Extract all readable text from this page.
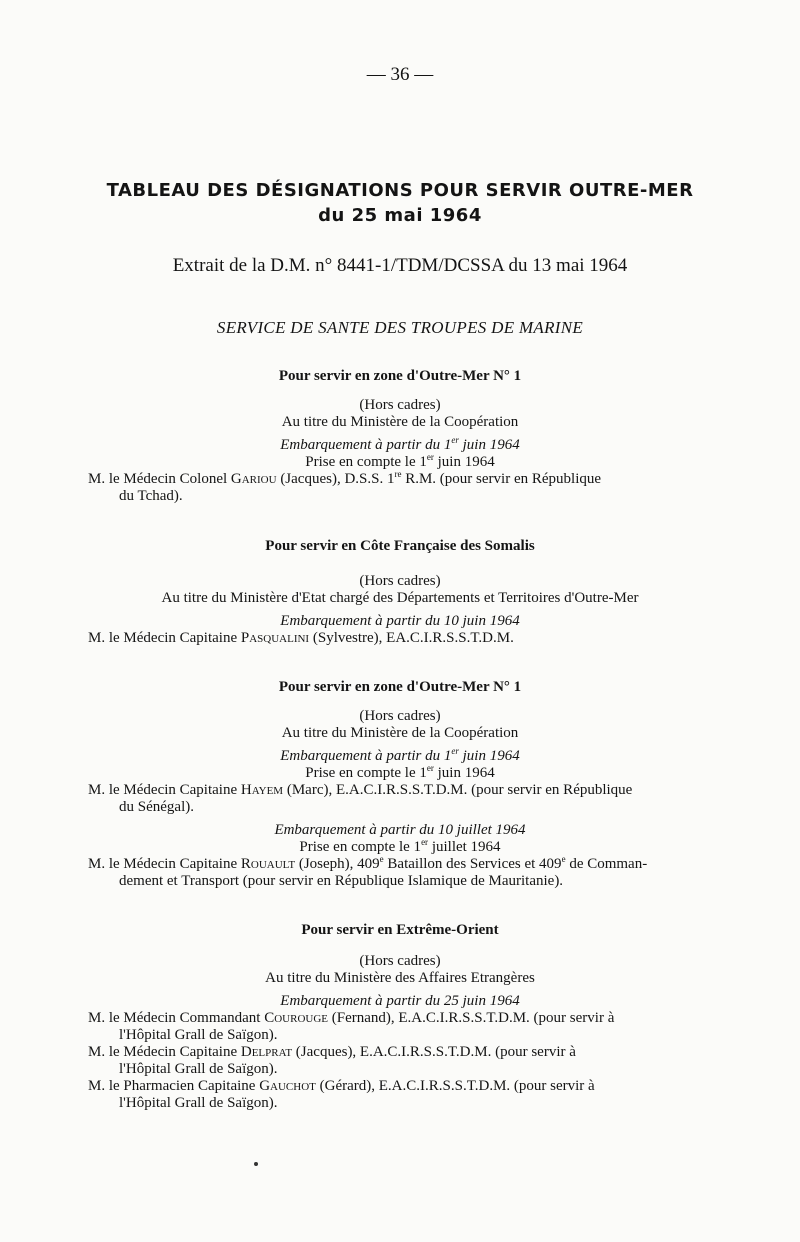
— 36 —
TABLEAU DES DÉSIGNATIONS POUR SERVIR OUTRE-MER
du 25 mai 1964
Extrait de la D.M. n° 8441-1/TDM/DCSSA du 13 mai 1964
SERVICE DE SANTE DES TROUPES DE MARINE
Pour servir en zone d'Outre-Mer N° 1
(Hors cadres)
Au titre du Ministère de la Coopération
Embarquement à partir du 1er juin 1964
Prise en compte le 1er juin 1964
M. le Médecin Colonel Gariou (Jacques), D.S.S. 1re R.M. (pour servir en République
du Tchad).
Pour servir en Côte Française des Somalis
(Hors cadres)
Au titre du Ministère d'Etat chargé des Départements et Territoires d'Outre-Mer
Embarquement à partir du 10 juin 1964
M. le Médecin Capitaine Pasqualini (Sylvestre), EA.C.I.R.S.S.T.D.M.
Pour servir en zone d'Outre-Mer N° 1
(Hors cadres)
Au titre du Ministère de la Coopération
Embarquement à partir du 1er juin 1964
Prise en compte le 1er juin 1964
M. le Médecin Capitaine Hayem (Marc), E.A.C.I.R.S.S.T.D.M. (pour servir en République
du Sénégal).
Embarquement à partir du 10 juillet 1964
Prise en compte le 1er juillet 1964
M. le Médecin Capitaine Rouault (Joseph), 409e Bataillon des Services et 409e de Comman-
dement et Transport (pour servir en République Islamique de Mauritanie).
Pour servir en Extrême-Orient
(Hors cadres)
Au titre du Ministère des Affaires Etrangères
Embarquement à partir du 25 juin 1964
M. le Médecin Commandant Courouge (Fernand), E.A.C.I.R.S.S.T.D.M. (pour servir à
l'Hôpital Grall de Saïgon).
M. le Médecin Capitaine Delprat (Jacques), E.A.C.I.R.S.S.T.D.M. (pour servir à
l'Hôpital Grall de Saïgon).
M. le Pharmacien Capitaine Gauchot (Gérard), E.A.C.I.R.S.S.T.D.M. (pour servir à
l'Hôpital Grall de Saïgon).
